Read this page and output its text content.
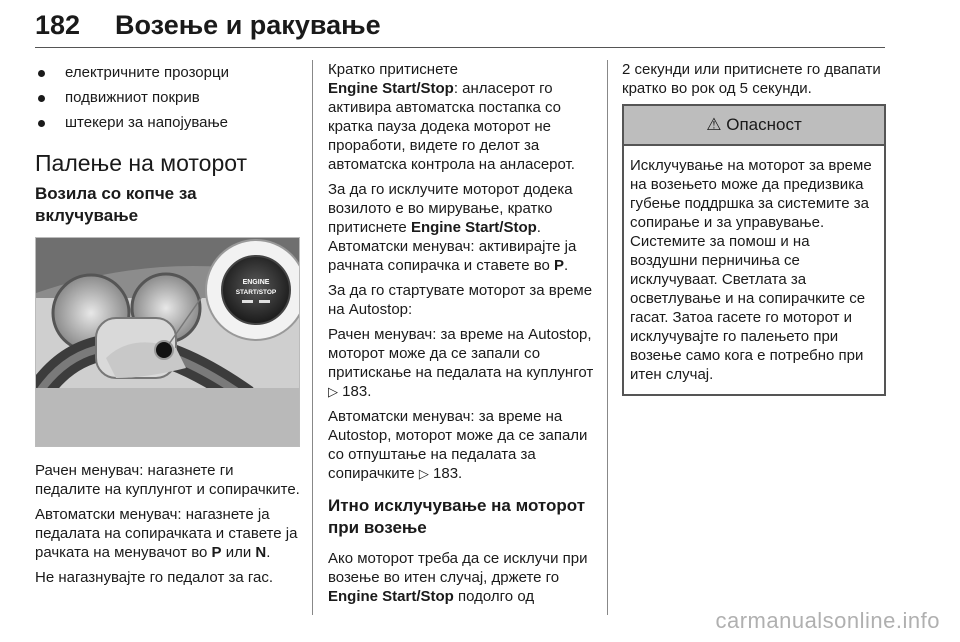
182 Возење и ракување
електричните прозорци
подвижниот покрив
штекери за напојување
Палење на моторот
Возила со копче за вклучување
ENGINE
START/STOP

Рачен менувач: нагазнете ги педалите на куплунгот и сопирачките.

Автоматски менувач: нагазнете ја педалата на сопирачката и ставете ја рачката на менувачот во P или N.

Не нагазнувајте го педалот за гас.

Кратко притиснете
Engine Start/Stop: анласерот го активира автоматска постапка со кратка пауза додека моторот не проработи, видете го делот за автоматска контрола на анласерот.

За да го исклучите моторот додека возилото е во мирување, кратко притиснете Engine Start/Stop.
Автоматски менувач: активирајте ја рачната сопирачка и ставете во P.

За да го стартувате моторот за време на Autostop:

Рачен менувач: за време на Autostop, моторот може да се запали со притискање на педалата на куплунгот ▷ 183.

Автоматски менувач: за време на Autostop, моторот може да се запали со отпуштање на педалата за сопирачките ▷ 183.

Итно исклучување на моторот при возење

Ако моторот треба да се исклучи при возење во итен случај, држете го Engine Start/Stop подолго од

2 секунди или притиснете го двапати кратко во рок од 5 секунди.

⚠ Опасност
Исклучување на моторот за време на возењето може да предизвика губење поддршка за системите за сопирање и за управување. Системите за помош и на воздушни перничиња се исклучуваат. Светлата за осветлување и на сопирачките се гасат. Затоа гасете го моторот и исклучувајте го палењето при возење само кога е потребно при итен случај.
carmanualsonline.info
